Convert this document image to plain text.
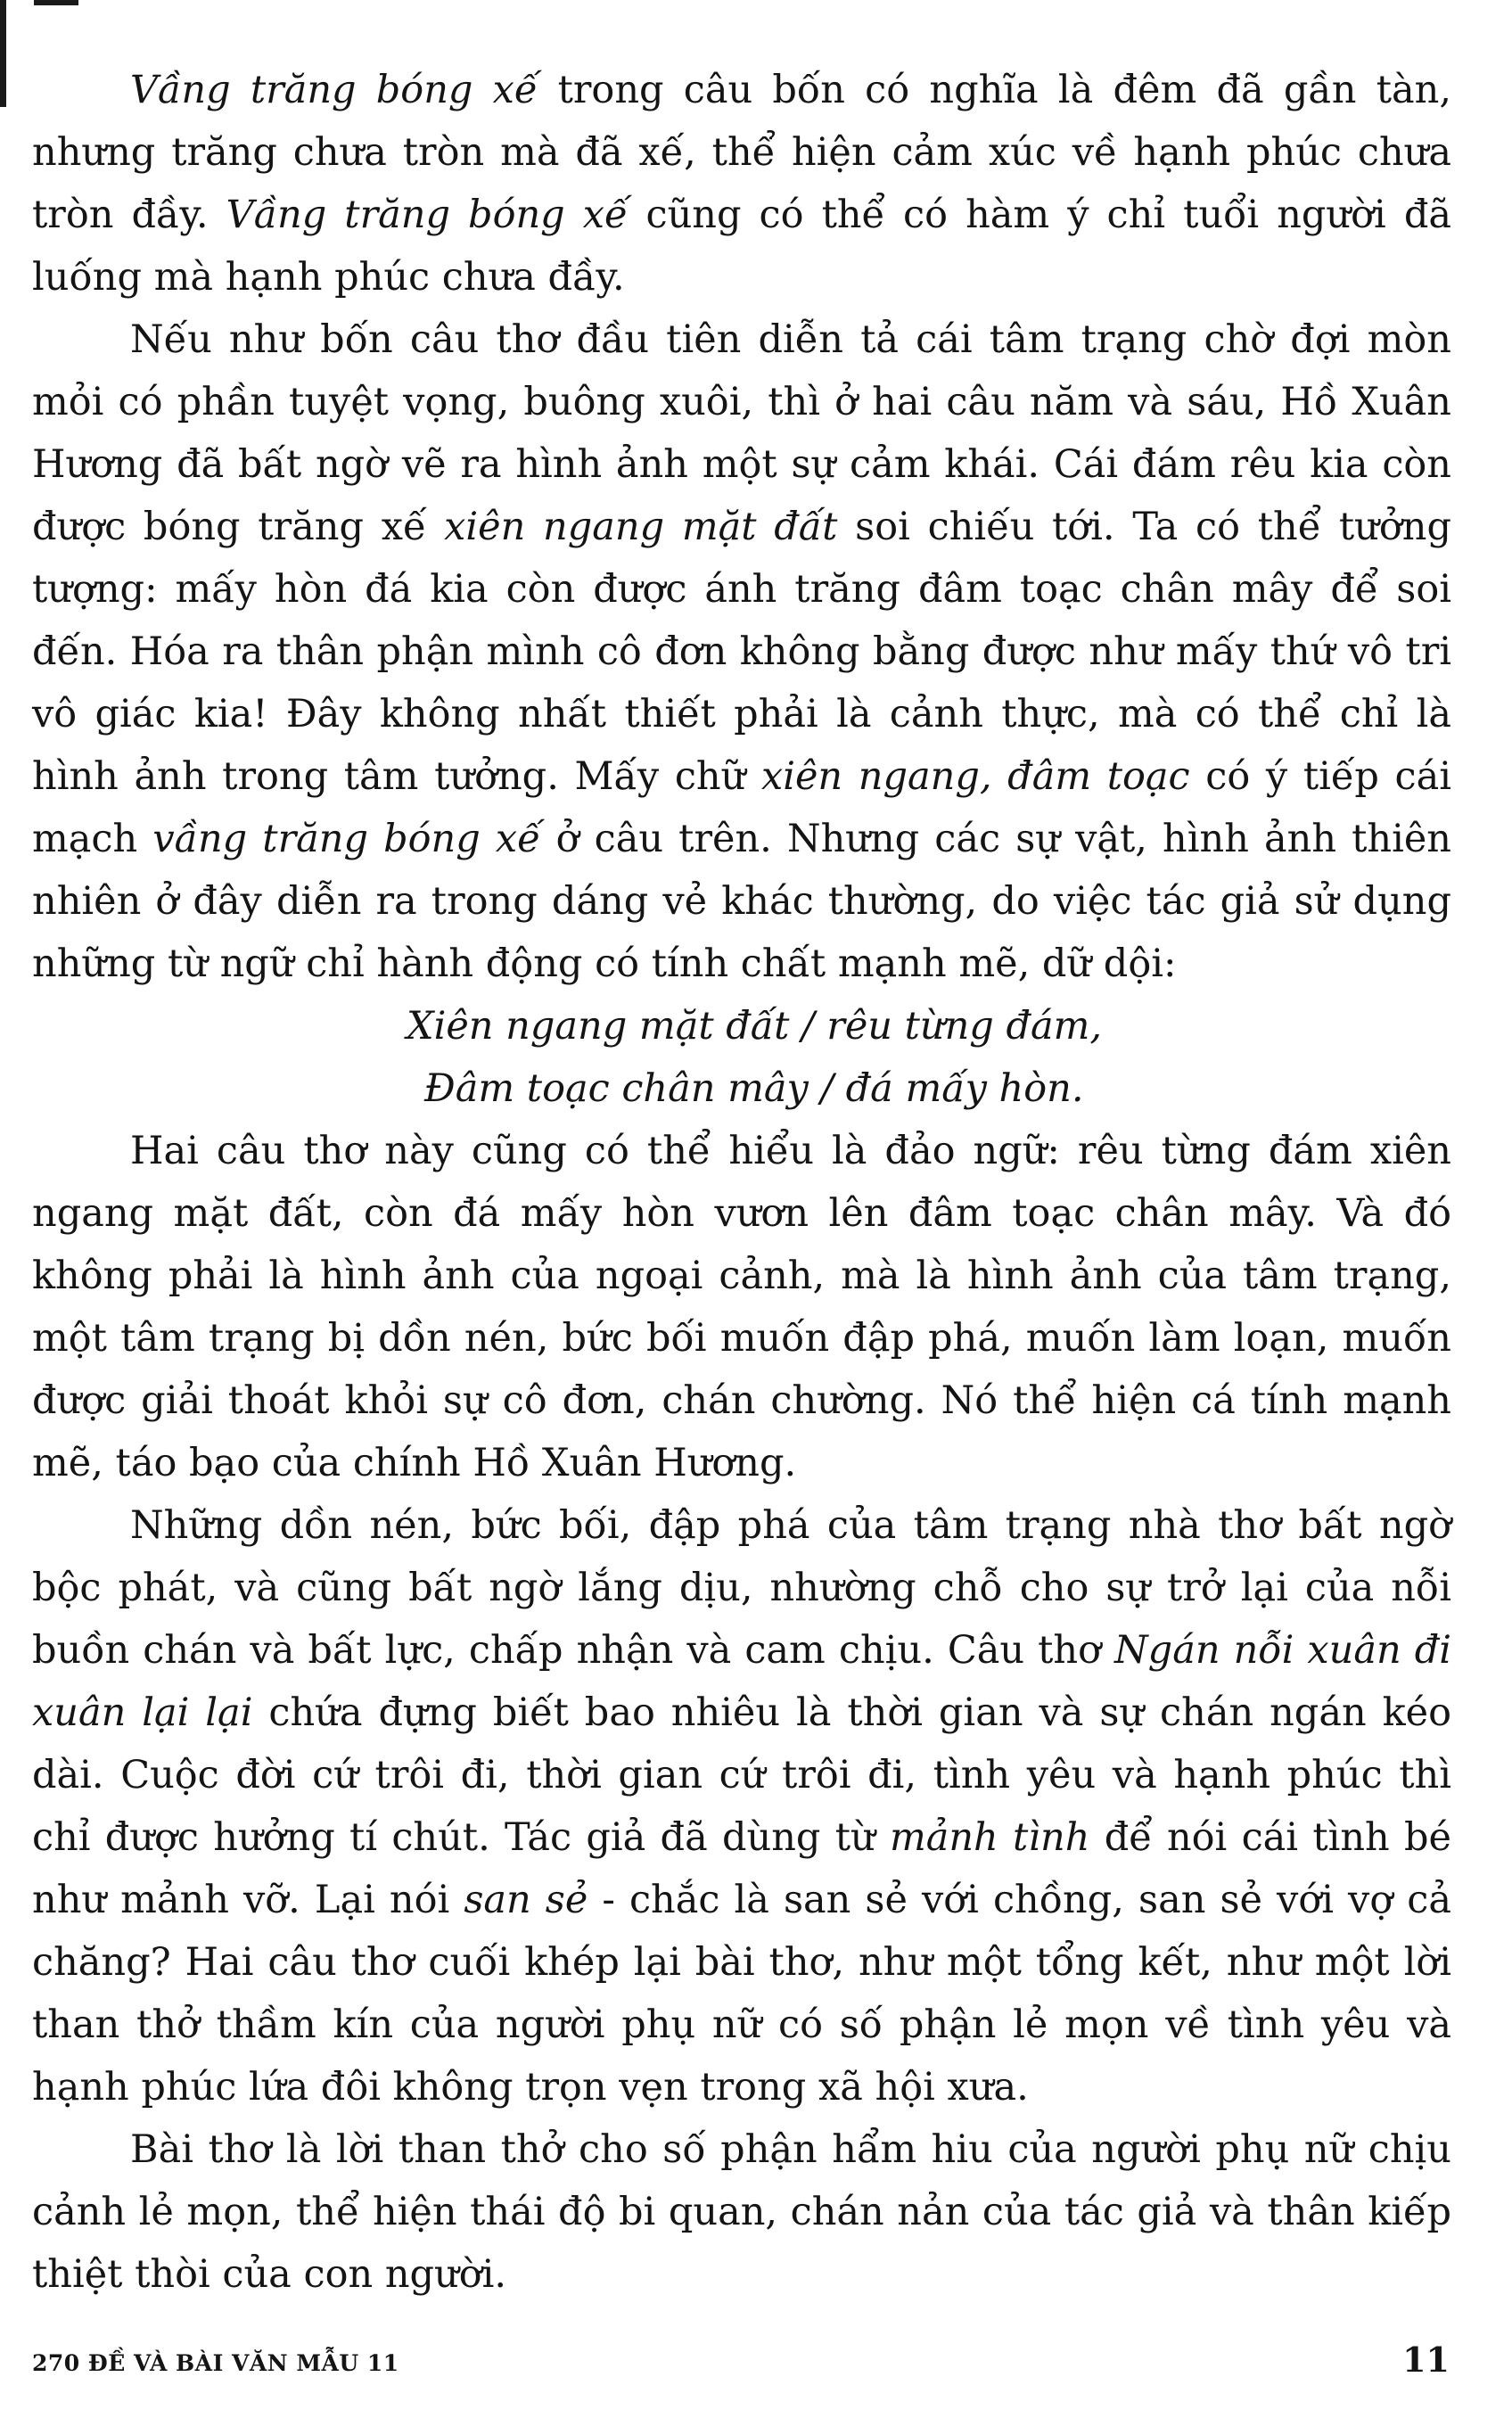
Vầng trăng bóng xế trong câu bốn có nghĩa là đêm đã gần tàn, nhưng trăng chưa tròn mà đã xế, thể hiện cảm xúc về hạnh phúc chưa tròn đầy. Vầng trăng bóng xế cũng có thể có hàm ý chỉ tuổi người đã luống mà hạnh phúc chưa đầy.

Nếu như bốn câu thơ đầu tiên diễn tả cái tâm trạng chờ đợi mòn mỏi có phần tuyệt vọng, buông xuôi, thì ở hai câu năm và sáu, Hồ Xuân Hương đã bất ngờ vẽ ra hình ảnh một sự cảm khái. Cái đám rêu kia còn được bóng trăng xế xiên ngang mặt đất soi chiếu tới. Ta có thể tưởng tượng: mấy hòn đá kia còn được ánh trăng đâm toạc chân mây để soi đến. Hóa ra thân phận mình cô đơn không bằng được như mấy thứ vô tri vô giác kia! Đây không nhất thiết phải là cảnh thực, mà có thể chỉ là hình ảnh trong tâm tưởng. Mấy chữ xiên ngang, đâm toạc có ý tiếp cái mạch vầng trăng bóng xế ở câu trên. Nhưng các sự vật, hình ảnh thiên nhiên ở đây diễn ra trong dáng vẻ khác thường, do việc tác giả sử dụng những từ ngữ chỉ hành động có tính chất mạnh mẽ, dữ dội:

Xiên ngang mặt đất / rêu từng đám,

Đâm toạc chân mây / đá mấy hòn.

Hai câu thơ này cũng có thể hiểu là đảo ngữ: rêu từng đám xiên ngang mặt đất, còn đá mấy hòn vươn lên đâm toạc chân mây. Và đó không phải là hình ảnh của ngoại cảnh, mà là hình ảnh của tâm trạng, một tâm trạng bị dồn nén, bức bối muốn đập phá, muốn làm loạn, muốn được giải thoát khỏi sự cô đơn, chán chường. Nó thể hiện cá tính mạnh mẽ, táo bạo của chính Hồ Xuân Hương.

Những dồn nén, bức bối, đập phá của tâm trạng nhà thơ bất ngờ bộc phát, và cũng bất ngờ lắng dịu, nhường chỗ cho sự trở lại của nỗi buồn chán và bất lực, chấp nhận và cam chịu. Câu thơ Ngán nỗi xuân đi xuân lại lại chứa đựng biết bao nhiêu là thời gian và sự chán ngán kéo dài. Cuộc đời cứ trôi đi, thời gian cứ trôi đi, tình yêu và hạnh phúc thì chỉ được hưởng tí chút. Tác giả đã dùng từ mảnh tình để nói cái tình bé như mảnh vỡ. Lại nói san sẻ - chắc là san sẻ với chồng, san sẻ với vợ cả chăng? Hai câu thơ cuối khép lại bài thơ, như một tổng kết, như một lời than thở thầm kín của người phụ nữ có số phận lẻ mọn về tình yêu và hạnh phúc lứa đôi không trọn vẹn trong xã hội xưa.

Bài thơ là lời than thở cho số phận hẩm hiu của người phụ nữ chịu cảnh lẻ mọn, thể hiện thái độ bi quan, chán nản của tác giả và thân kiếp thiệt thòi của con người.

270 ĐỀ VÀ BÀI VĂN MẪU 11	11
